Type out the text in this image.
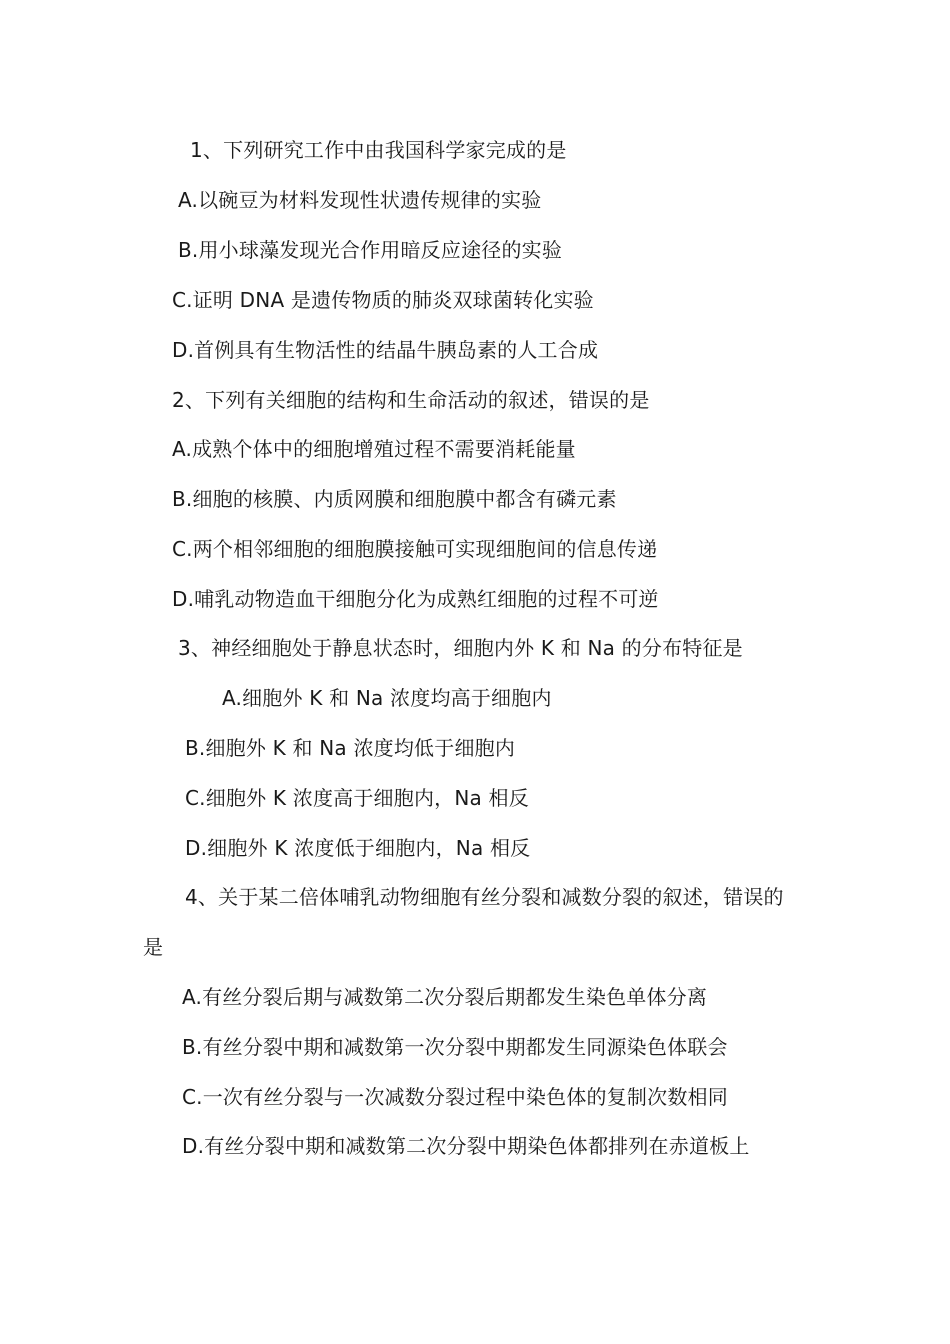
1、下列研究工作中由我国科学家完成的是
A.以碗豆为材料发现性状遗传规律的实验
B.用小球藻发现光合作用暗反应途径的实验
C.证明 DNA 是遗传物质的肺炎双球菌转化实验
D.首例具有生物活性的结晶牛胰岛素的人工合成
2、下列有关细胞的结构和生命活动的叙述，错误的是
A.成熟个体中的细胞增殖过程不需要消耗能量
B.细胞的核膜、内质网膜和细胞膜中都含有磷元素
C.两个相邻细胞的细胞膜接触可实现细胞间的信息传递
D.哺乳动物造血干细胞分化为成熟红细胞的过程不可逆
3、神经细胞处于静息状态时，细胞内外 K 和 Na 的分布特征是
A.细胞外 K 和 Na 浓度均高于细胞内
B.细胞外 K 和 Na 浓度均低于细胞内
C.细胞外 K 浓度高于细胞内，Na 相反
D.细胞外 K 浓度低于细胞内，Na 相反
4、关于某二倍体哺乳动物细胞有丝分裂和减数分裂的叙述，错误的
是
A.有丝分裂后期与减数第二次分裂后期都发生染色单体分离
B.有丝分裂中期和减数第一次分裂中期都发生同源染色体联会
C.一次有丝分裂与一次减数分裂过程中染色体的复制次数相同
D.有丝分裂中期和减数第二次分裂中期染色体都排列在赤道板上
